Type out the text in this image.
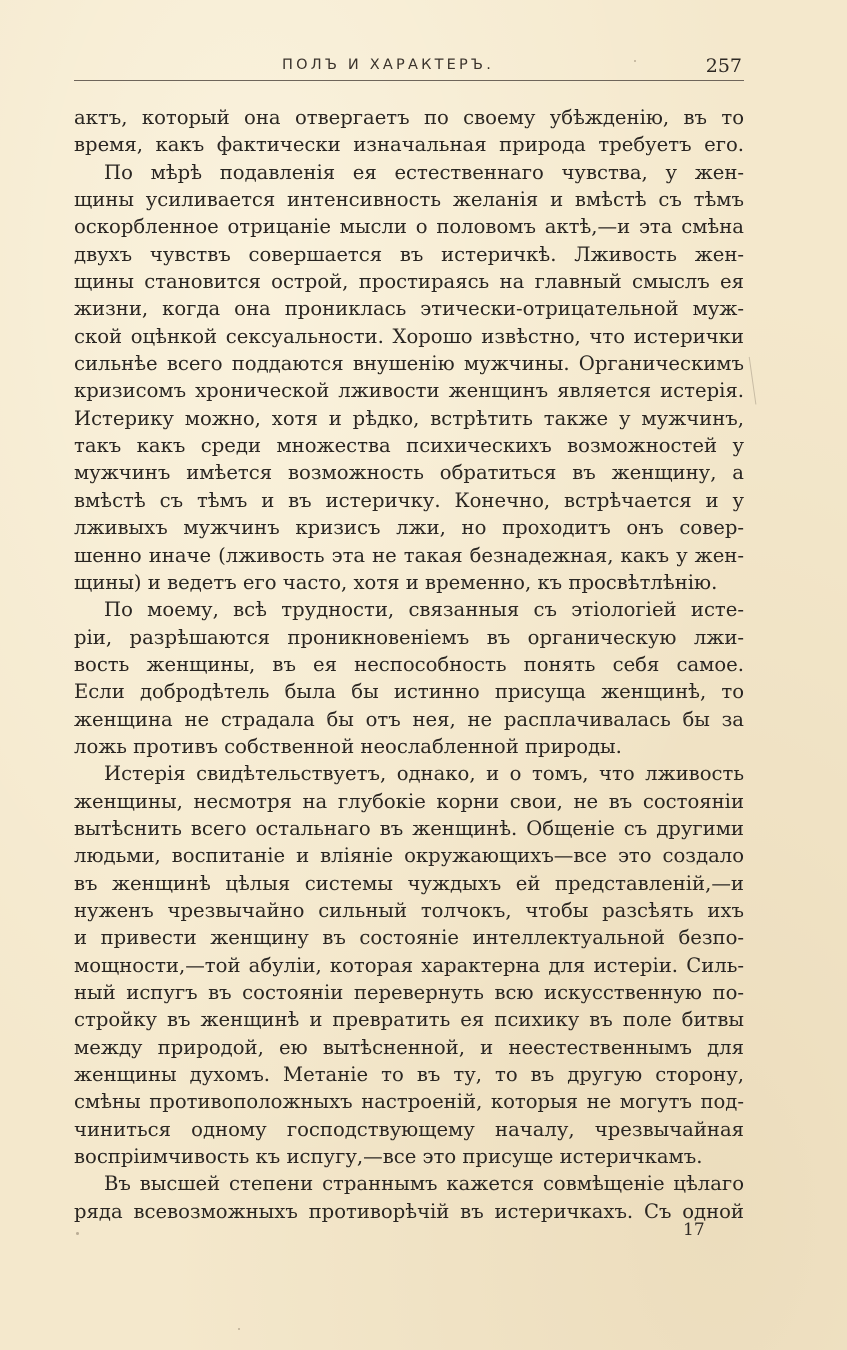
ПОЛЪ И ХАРАКТЕРЪ.	257
актъ, который она отвергаетъ по своему убѣжденію, въ то
время, какъ фактически изначальная природа требуетъ его.
По мѣрѣ подавленія ея естественнаго чувства, у жен-
щины усиливается интенсивность желанія и вмѣстѣ съ тѣмъ
оскорбленное отрицаніе мысли о половомъ актѣ,—и эта смѣна
двухъ чувствъ совершается въ истеричкѣ. Лживость жен-
щины становится острой, простираясь на главный смыслъ ея
жизни, когда она прониклась этически-отрицательной муж-
ской оцѣнкой сексуальности. Хорошо извѣстно, что истерички
сильнѣе всего поддаются внушенію мужчины. Органическимъ
кризисомъ хронической лживости женщинъ является истерія.
Истерику можно, хотя и рѣдко, встрѣтить также у мужчинъ,
такъ какъ среди множества психическихъ возможностей у
мужчинъ имѣется возможность обратиться въ женщину, а
вмѣстѣ съ тѣмъ и въ истеричку. Конечно, встрѣчается и у
лживыхъ мужчинъ кризисъ лжи, но проходитъ онъ совер-
шенно иначе (лживость эта не такая безнадежная, какъ у жен-
щины) и ведетъ его часто, хотя и временно, къ просвѣтлѣнію.
По моему, всѣ трудности, связанныя съ этіологіей исте-
ріи, разрѣшаются проникновеніемъ въ органическую лжи-
вость женщины, въ ея неспособность понять себя самое.
Если добродѣтель была бы истинно присуща женщинѣ, то
женщина не страдала бы отъ нея, не расплачивалась бы за
ложь противъ собственной неослабленной природы.
Истерія свидѣтельствуетъ, однако, и о томъ, что лживость
женщины, несмотря на глубокіе корни свои, не въ состояніи
вытѣснить всего остальнаго въ женщинѣ. Общеніе съ другими
людьми, воспитаніе и вліяніе окружающихъ—все это создало
въ женщинѣ цѣлыя системы чуждыхъ ей представленій,—и
нуженъ чрезвычайно сильный толчокъ, чтобы разсѣять ихъ
и привести женщину въ состояніе интеллектуальной безпо-
мощности,—той абуліи, которая характерна для истеріи. Силь-
ный испугъ въ состояніи перевернуть всю искусственную по-
стройку въ женщинѣ и превратить ея психику въ поле битвы
между природой, ею вытѣсненной, и неестественнымъ для
женщины духомъ. Метаніе то въ ту, то въ другую сторону,
смѣны противоположныхъ настроеній, которыя не могутъ под-
чиниться одному господствующему началу, чрезвычайная
воспріимчивость къ испугу,—все это присуще истеричкамъ.
Въ высшей степени страннымъ кажется совмѣщеніе цѣлаго
ряда всевозможныхъ противорѣчій въ истеричкахъ. Съ одной
17
